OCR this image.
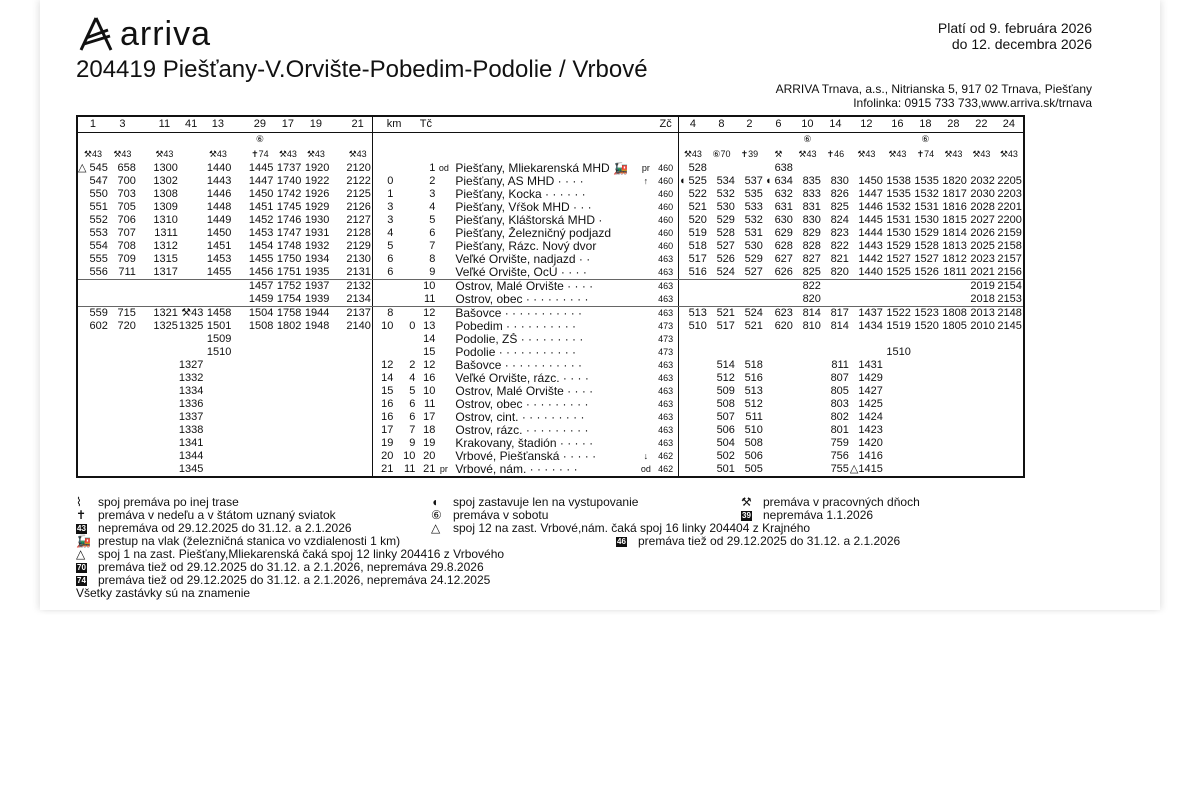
arriva	Platí od 9. februára 2026
do 12. decembra 2026
204419 Piešťany-V.Orvište-Pobedim-Podolie / Vrbové
ARRIVA Trnava, a.s., Nitrianska 5, 917 02 Trnava, Piešťany
Infolinka: 0915 733 733,www.arriva.sk/trnava
1	3		11	41	13		29	17	19		21	km		Tč				Zč	4	8	2	6	10	14	12	16	18	28	22	24
							⑥																⑥				⑥			
⚒43	⚒43		⚒43		⚒43		✝74	⚒43	⚒43		⚒43								⚒43	⑥70	✝39	⚒	⚒43	✝46	⚒43	⚒43	✝74	⚒43	⚒43	⚒43
△ 545	658		1300		1440		1445	1737	1920		2120			1	od	Piešťany, Mliekarenská MHD 🚂	pr	460	528			638								
547	700		1302		1443		1447	1740	1922		2122	0		2		Piešťany, AS MHD · · · ·	↑	460	◖ 525	534	537	◖ 634	835	830	1450	1538	1535	1820	2032	2205
550	703		1308		1446		1450	1742	1926		2125	1		3		Piešťany, Kocka · · · · · ·		460	522	532	535	632	833	826	1447	1535	1532	1817	2030	2203
551	705		1309		1448		1451	1745	1929		2126	3		4		Piešťany, Vŕšok MHD · · ·		460	521	530	533	631	831	825	1446	1532	1531	1816	2028	2201
552	706		1310		1449		1452	1746	1930		2127	3		5		Piešťany, Kláštorská MHD ·		460	520	529	532	630	830	824	1445	1531	1530	1815	2027	2200
553	707		1311		1450		1453	1747	1931		2128	4		6		Piešťany, Železničný podjazd		460	519	528	531	629	829	823	1444	1530	1529	1814	2026	2159
554	708		1312		1451		1454	1748	1932		2129	5		7		Piešťany, Rázc. Nový dvor		460	518	527	530	628	828	822	1443	1529	1528	1813	2025	2158
555	709		1315		1453		1455	1750	1934		2130	6		8		Veľké Orvište, nadjazd · ·		463	517	526	529	627	827	821	1442	1527	1527	1812	2023	2157
556	711		1317		1455		1456	1751	1935		2131	6		9		Veľké Orvište, OcÚ · · · ·		463	516	524	527	626	825	820	1440	1525	1526	1811	2021	2156
							1457	1752	1937		2132			10		Ostrov, Malé Orvište · · · ·		463					822						2019	2154
							1459	1754	1939		2134			11		Ostrov, obec · · · · · · · · ·		463					820						2018	2153
559	715		1321	⚒43	1458		1504	1758	1944		2137	8		12		Bašovce · · · · · · · · · · ·		463	513	521	524	623	814	817	1437	1522	1523	1808	2013	2148
602	720		1325	1325	1501		1508	1802	1948		2140	10	0	13		Pobedim · · · · · · · · · ·		473	510	517	521	620	810	814	1434	1519	1520	1805	2010	2145
					1509									14		Podolie, ZŠ · · · · · · · · ·		473												
					1510									15		Podolie · · · · · · · · · · ·		473								1510				
				1327								12	2	12		Bašovce · · · · · · · · · · ·		463		514	518			811	1431					
				1332								14	4	16		Veľké Orvište, rázc. · · · ·		463		512	516			807	1429					
				1334								15	5	10		Ostrov, Malé Orvište · · · ·		463		509	513			805	1427					
				1336								16	6	11		Ostrov, obec · · · · · · · · ·		463		508	512			803	1425					
				1337								16	6	17		Ostrov, cint. · · · · · · · · ·		463		507	511			802	1424					
				1338								17	7	18		Ostrov, rázc. · · · · · · · · ·		463		506	510			801	1423					
				1341								19	9	19		Krakovany, štadión · · · · ·		463		504	508			759	1420					
				1344								20	10	20		Vrbové, Piešťanská · · · · ·	↓	462		502	506			756	1416					
				1345								21	11	21	pr	Vrbové, nám. · · · · · · ·	od	462		501	505			755	△1415					
⌇ spoj premáva po inej trase
✝ premáva v nedeľu a v štátom uznaný sviatok
43 nepremáva od 29.12.2025 do 31.12. a 2.1.2026
🚂 prestup na vlak (železničná stanica vo vzdialenosti 1 km)
△ spoj 1 na zast. Piešťany,Mliekarenská čaká spoj 12 linky 204416 z Vrbového
70 premáva tiež od 29.12.2025 do 31.12. a 2.1.2026, nepremáva 29.8.2026
74 premáva tiež od 29.12.2025 do 31.12. a 2.1.2026, nepremáva 24.12.2025
Všetky zastávky sú na znamenie
◖ spoj zastavuje len na vystupovanie
⑥ premáva v sobotu
△ spoj 12 na zast. Vrbové,nám. čaká spoj 16 linky 204404 z Krajného
46 premáva tiež od 29.12.2025 do 31.12. a 2.1.2026
⚒ premáva v pracovných dňoch
39 nepremáva 1.1.2026
